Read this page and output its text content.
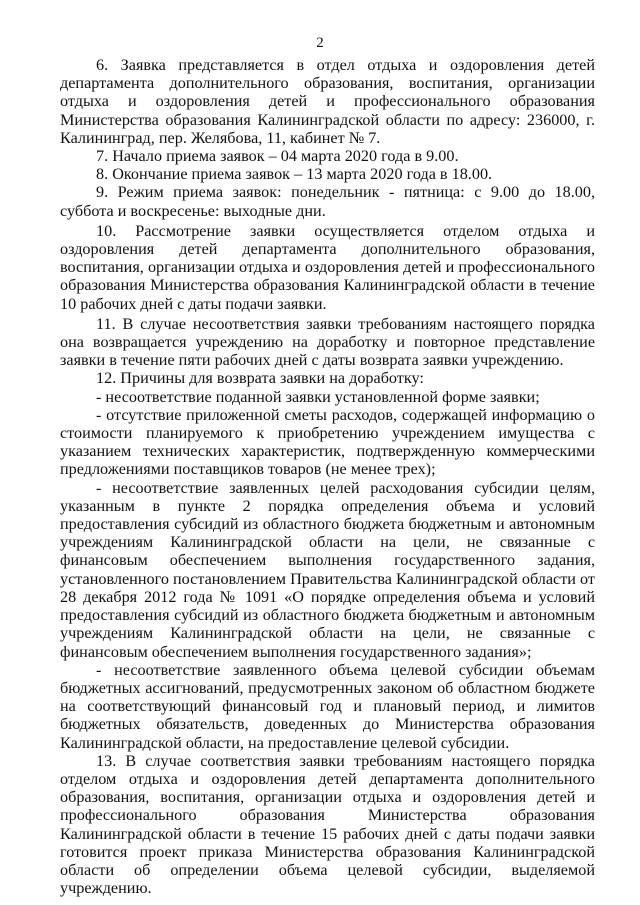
2

6. Заявка представляется в отдел отдыха и оздоровления детей департамента дополнительного образования, воспитания, организации отдыха и оздоровления детей и профессионального образования Министерства образования Калининградской области по адресу: 236000, г. Калининград, пер. Желябова, 11, кабинет № 7.

7. Начало приема заявок – 04 марта 2020 года в 9.00.

8. Окончание приема заявок – 13 марта 2020 года в 18.00.

9. Режим приема заявок: понедельник - пятница: с 9.00 до 18.00, суббота и воскресенье: выходные дни.

10. Рассмотрение заявки осуществляется отделом отдыха и оздоровления детей департамента дополнительного образования, воспитания, организации отдыха и оздоровления детей и профессионального образования Министерства образования Калининградской области в течение 10 рабочих дней с даты подачи заявки.

11. В случае несоответствия заявки требованиям настоящего порядка она возвращается учреждению на доработку и повторное представление заявки в течение пяти рабочих дней с даты возврата заявки учреждению.

12. Причины для возврата заявки на доработку:

- несоответствие поданной заявки установленной форме заявки;

- отсутствие приложенной сметы расходов, содержащей информацию о стоимости планируемого к приобретению учреждением имущества с указанием технических характеристик, подтвержденную коммерческими предложениями поставщиков товаров (не менее трех);

- несоответствие заявленных целей расходования субсидии целям, указанным в пункте 2 порядка определения объема и условий предоставления субсидий из областного бюджета бюджетным и автономным учреждениям Калининградской области на цели, не связанные с финансовым обеспечением выполнения государственного задания, установленного постановлением Правительства Калининградской области от 28 декабря 2012 года № 1091 «О порядке определения объема и условий предоставления субсидий из областного бюджета бюджетным и автономным учреждениям Калининградской области на цели, не связанные с финансовым обеспечением выполнения государственного задания»;

- несоответствие заявленного объема целевой субсидии объемам бюджетных ассигнований, предусмотренных законом об областном бюджете на соответствующий финансовый год и плановый период, и лимитов бюджетных обязательств, доведенных до Министерства образования Калининградской области, на предоставление целевой субсидии.

13. В случае соответствия заявки требованиям настоящего порядка отделом отдыха и оздоровления детей департамента дополнительного образования, воспитания, организации отдыха и оздоровления детей и профессионального образования Министерства образования Калининградской области в течение 15 рабочих дней с даты подачи заявки готовится проект приказа Министерства образования Калининградской области об определении объема целевой субсидии, выделяемой учреждению.
